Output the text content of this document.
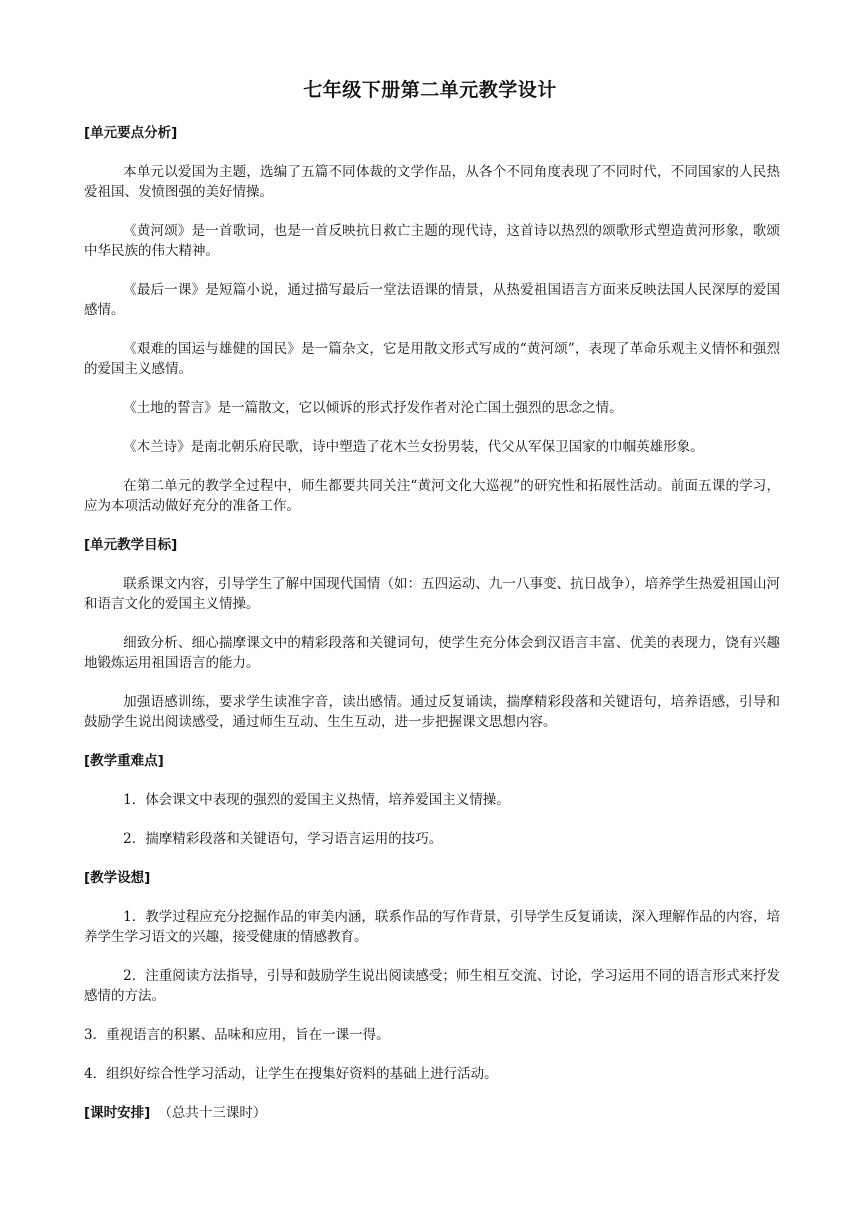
七年级下册第二单元教学设计
[单元要点分析]

本单元以爱国为主题，选编了五篇不同体裁的文学作品，从各个不同角度表现了不同时代，不同国家的人民热爱祖国、发愤图强的美好情操。

《黄河颂》是一首歌词，也是一首反映抗日救亡主题的现代诗，这首诗以热烈的颂歌形式塑造黄河形象，歌颂中华民族的伟大精神。

《最后一课》是短篇小说，通过描写最后一堂法语课的情景，从热爱祖国语言方面来反映法国人民深厚的爱国感情。

《艰难的国运与雄健的国民》是一篇杂文，它是用散文形式写成的“黄河颂”，表现了革命乐观主义情怀和强烈的爱国主义感情。

《土地的誓言》是一篇散文，它以倾诉的形式抒发作者对沦亡国土强烈的思念之情。

《木兰诗》是南北朝乐府民歌，诗中塑造了花木兰女扮男装，代父从军保卫国家的巾帼英雄形象。

在第二单元的教学全过程中，师生都要共同关注“黄河文化大巡视”的研究性和拓展性活动。前面五课的学习，应为本项活动做好充分的准备工作。

[单元教学目标]

联系课文内容，引导学生了解中国现代国情（如：五四运动、九一八事变、抗日战争），培养学生热爱祖国山河和语言文化的爱国主义情操。

细致分析、细心揣摩课文中的精彩段落和关键词句，使学生充分体会到汉语言丰富、优美的表现力，饶有兴趣地锻炼运用祖国语言的能力。

加强语感训练，要求学生读准字音，读出感情。通过反复诵读，揣摩精彩段落和关键语句，培养语感，引导和鼓励学生说出阅读感受，通过师生互动、生生互动，进一步把握课文思想内容。

[教学重难点]

1．体会课文中表现的强烈的爱国主义热情，培养爱国主义情操。

2．揣摩精彩段落和关键语句，学习语言运用的技巧。

[教学设想]

1．教学过程应充分挖掘作品的审美内涵，联系作品的写作背景，引导学生反复诵读，深入理解作品的内容，培养学生学习语文的兴趣，接受健康的情感教育。

2．注重阅读方法指导，引导和鼓励学生说出阅读感受；师生相互交流、讨论，学习运用不同的语言形式来抒发感情的方法。

3．重视语言的积累、品味和应用，旨在一课一得。

4．组织好综合性学习活动，让学生在搜集好资料的基础上进行活动。

[课时安排] （总共十三课时）
